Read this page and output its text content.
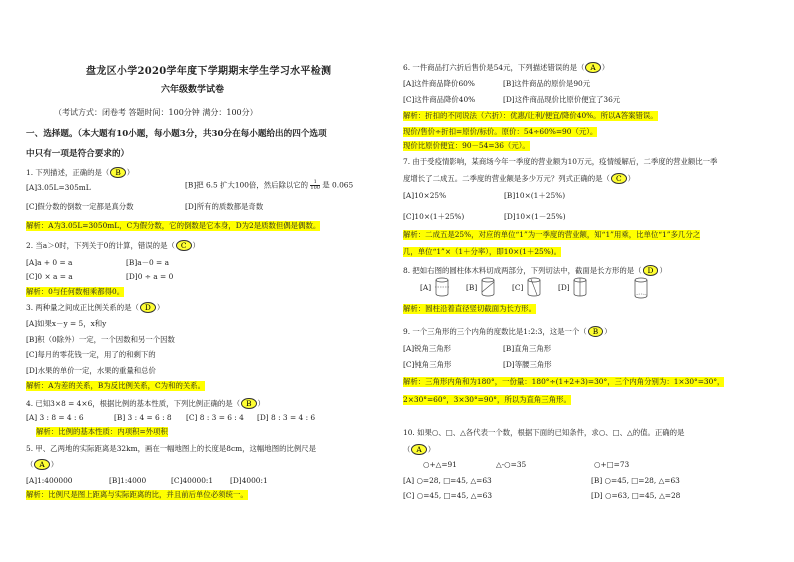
盘龙区小学2020学年度下学期期末学生学习水平检测
六年级数学试卷
（考试方式：闭卷考 答题时间：100分钟 满分：100分）
一、选择题。（本大题有10小题，每小题3分，共30分在每小题给出的四个选项
中只有一项是符合要求的）
1. 下列描述，正确的是（ B ）
[A]3.05L=305mL	[B]把 6.5 扩大100倍，然后除以它的 $\frac{1}{100}$ 是 0.065
[C]假分数的倒数一定都是真分数	[D]所有的质数都是奇数
解析：A为3.05L=3050mL，C为假分数，它的倒数是它本身，D为2是质数但偶是偶数。
2. 当a＞0时，下列关于0的计算，错误的是（ C ）
[A]a + 0 = a	[B]a－0 = a
[C]0 × a = a	[D]0 ÷ a = 0
解析：0与任何数相乘都得0。
3. 两种量之间成正比例关系的是（ D ）
[A]如果x－y = 5，x和y
[B]积（0除外）一定，一个因数和另一个因数
[C]每月的零花钱一定，用了的和剩下的
[D]水果的单价一定，水果的重量和总价
解析：A为差的关系，B为反比例关系，C为和的关系。
4. 已知3×8 = 4×6，根据比例的基本性质，下列比例正确的是（ B ）
[A] 3 : 8 = 4 : 6	[B] 3 : 4 = 6 : 8 [C] 8 : 3 = 6 : 4 [D] 8 : 3 = 4 : 6
解析：比例的基本性质：内项积=外项积
5. 甲、乙两地的实际距离是32km，画在一幅地图上的长度是8cm，这幅地图的比例尺是
（ A ）
[A]1:400000	[B]1:4000	[C]40000:1 [D]4000:1
解析：比例尺是图上距离与实际距离的比，并且前后单位必须统一。
6. 一件商品打六折后售价是54元，下列描述错误的是（ A ）
[A]这件商品降价60%	[B]这件商品的原价是90元
[C]这件商品降价40%	[D]这件商品现价比原价便宜了36元
解析：折扣的不同说法（六折）：优惠/让利/便宜/降价40%。所以A答案错误。
现价/售价÷折扣=原价/标价。原价：54÷60%=90（元）。
现价比原价便宜：90－54=36（元）。
7. 由于受疫情影响，某商场今年一季度的营业额为10万元，疫情缓解后，二季度的营业额比一季
度增长了二成五。二季度的营业额是多少万元？列式正确的是（ C ）
[A]10×25%	[B]10×(1＋25%)
[C]10×(1＋25%)	[D]10×(1－25%)
解析：二成五是25%，对应的单位“1”为一季度的营业额，知“1”用乘，比单位“1”多几分之
几，单位“1”×（1＋分率），即10×(1＋25%)。
8. 把如右图的圆柱体木料切成两部分，下列切法中，截面是长方形的是（ D ）
解析：圆柱沿着直径竖切截面为长方形。
9. 一个三角形的三个内角的度数比是1:2:3，这是一个（ B ）
[A]锐角三角形	[B]直角三角形
[C]钝角三角形	[D]等腰三角形
解析：三角形内角和为180°，一份量：180°÷(1+2+3)=30°，三个内角分别为：1×30°=30°，
2×30°=60°，3×30°=90°，所以为直角三角形。
10. 如果○、□、△各代表一个数，根据下面的已知条件，求○、□、△的值。正确的是
（ A ）
○+△=91	△-○=35	○+□=73
[A] ○=28, □=45, △=63	[B] ○=45, □=28, △=63
[C] ○=45, □=45, △=63	[D] ○=63, □=45, △=28
[A]	[B]	[C]	[D]
